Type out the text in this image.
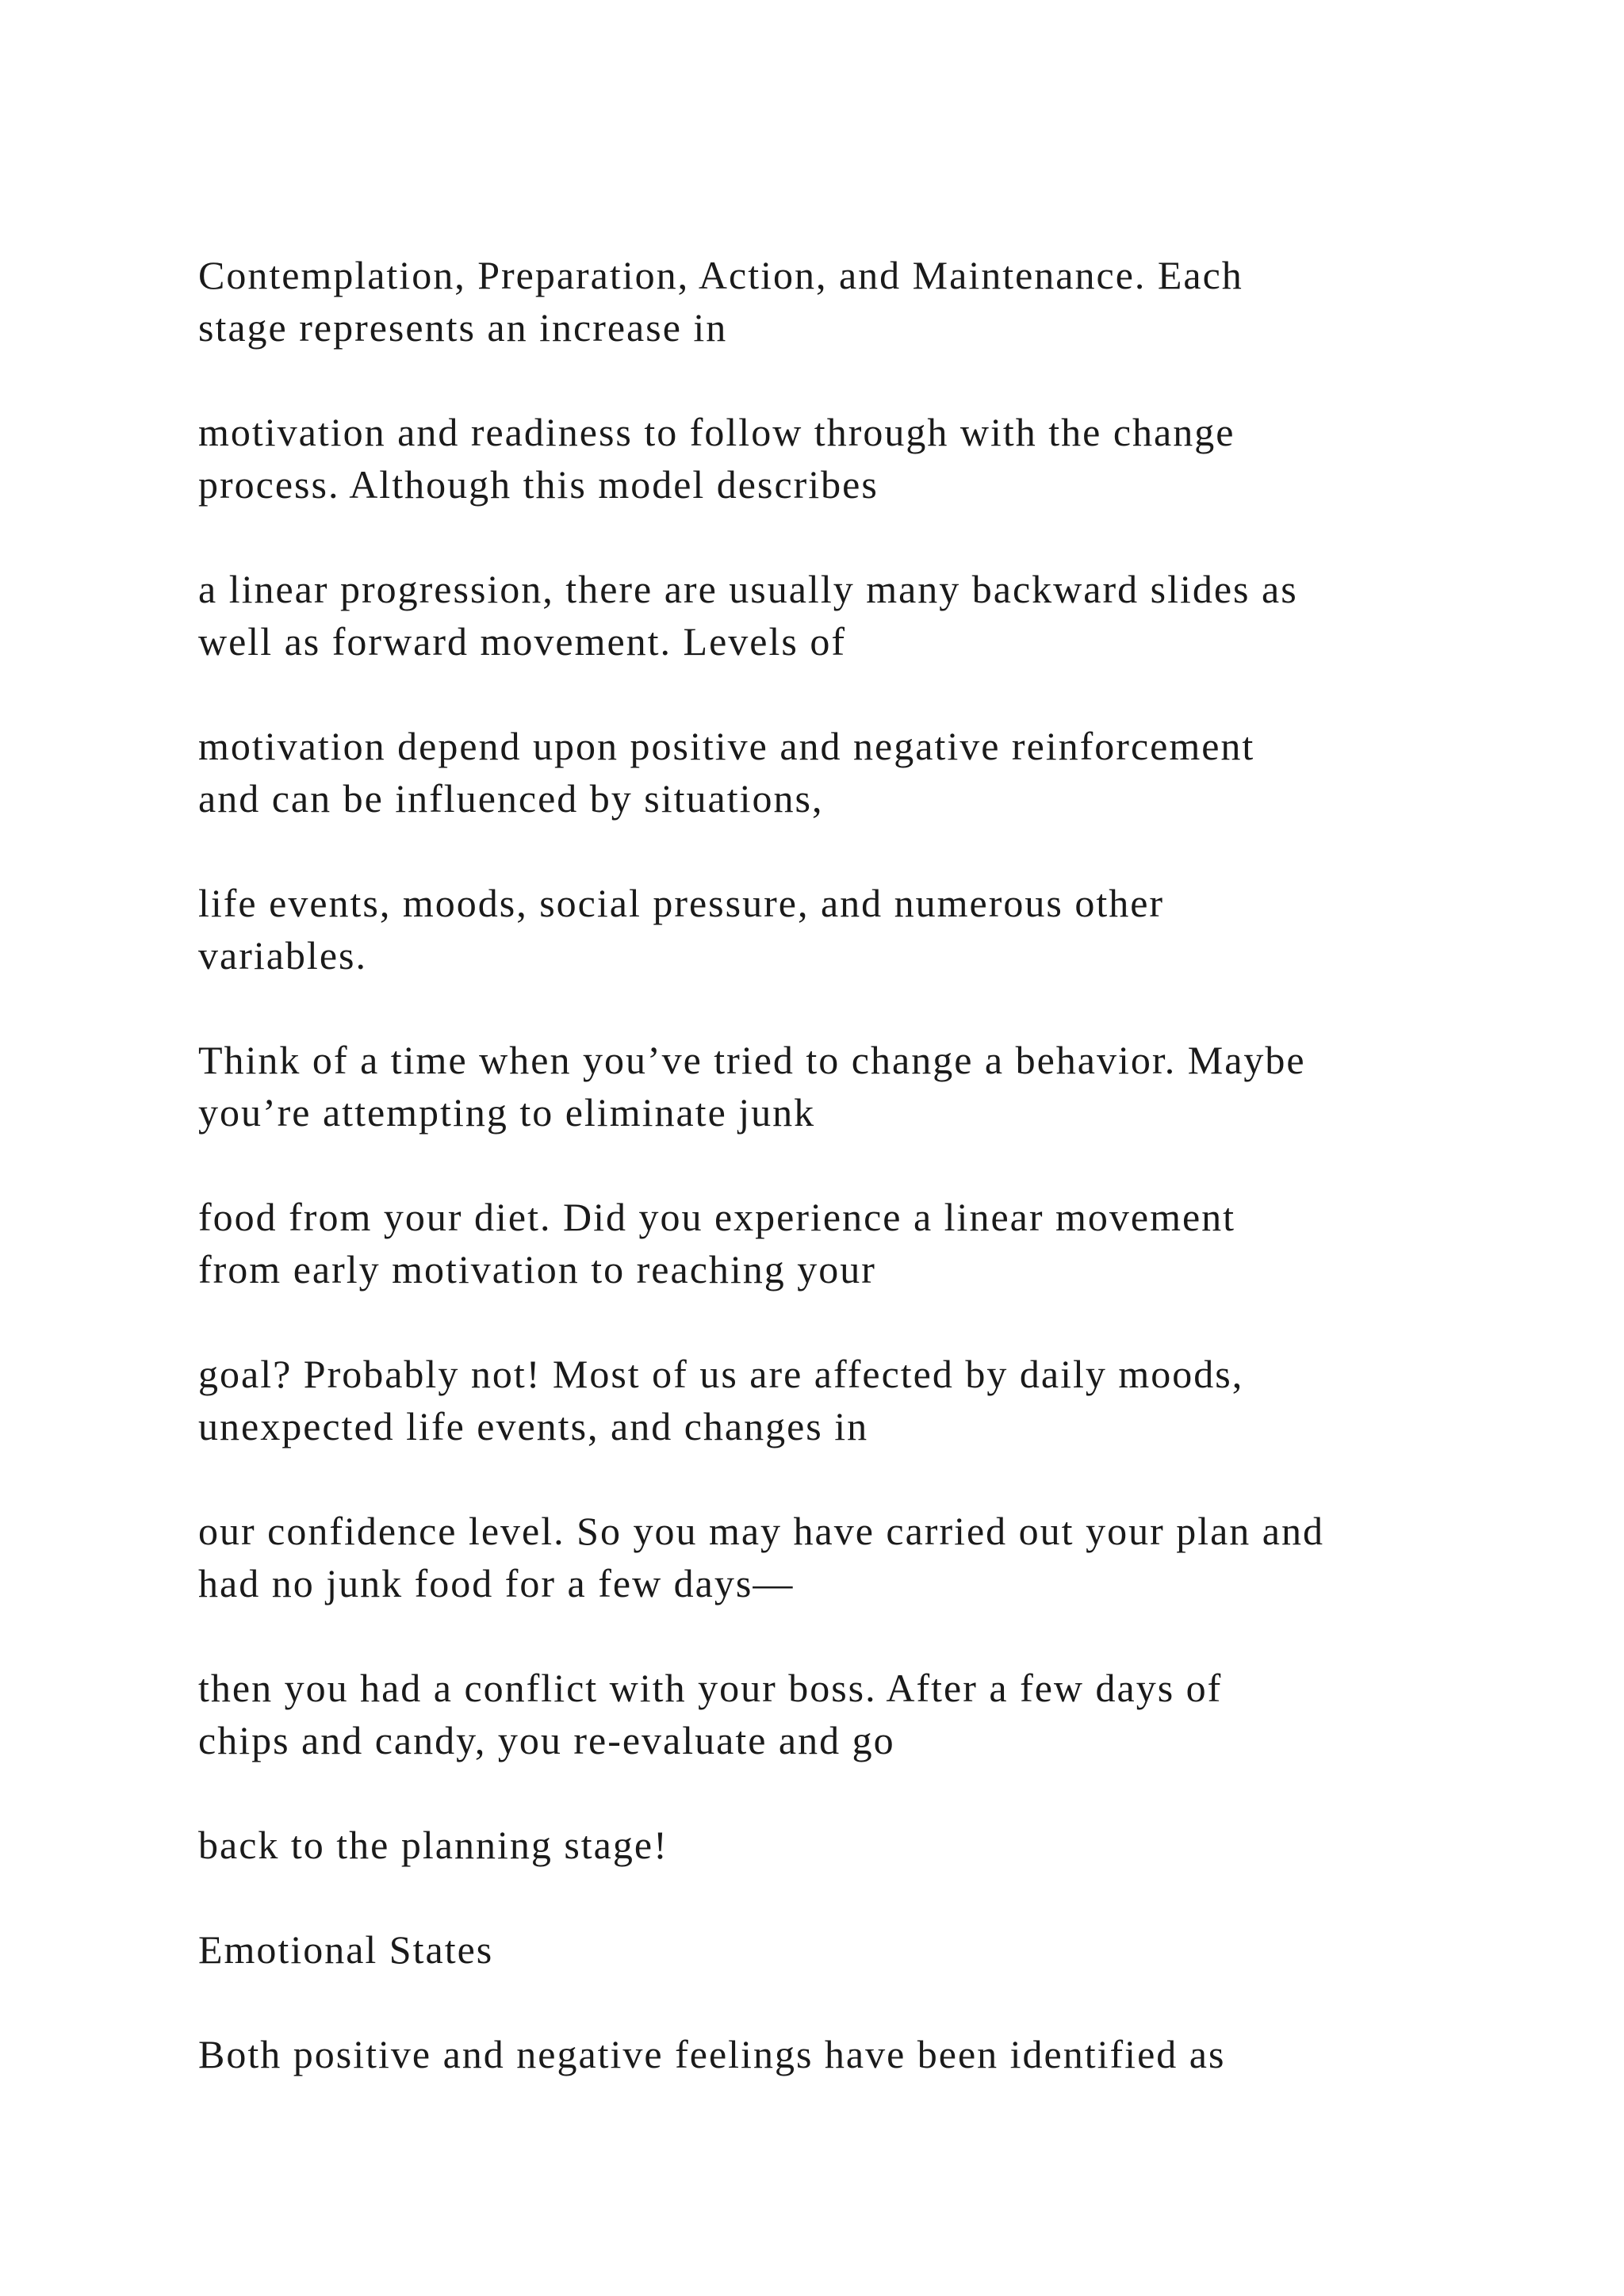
Contemplation, Preparation, Action, and Maintenance. Each
stage represents an increase in

motivation and readiness to follow through with the change
process. Although this model describes

a linear progression, there are usually many backward slides as
well as forward movement. Levels of

motivation depend upon positive and negative reinforcement
and can be influenced by situations,

life events, moods, social pressure, and numerous other
variables.

Think of a time when you’ve tried to change a behavior. Maybe
you’re attempting to eliminate junk

food from your diet. Did you experience a linear movement
from early motivation to reaching your

goal? Probably not! Most of us are affected by daily moods,
unexpected life events, and changes in

our confidence level. So you may have carried out your plan and
had no junk food for a few days—

then you had a conflict with your boss. After a few days of
chips and candy, you re-evaluate and go

back to the planning stage!

Emotional States

Both positive and negative feelings have been identified as
